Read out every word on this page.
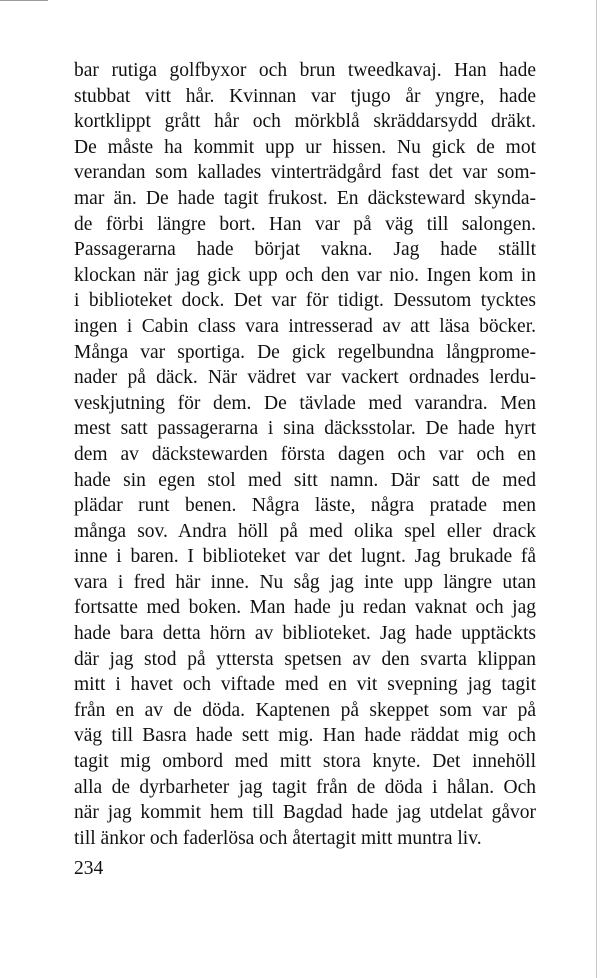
bar rutiga golfbyxor och brun tweedkavaj. Han hade
stubbat vitt hår. Kvinnan var tjugo år yngre, hade
kortklippt grått hår och mörkblå skräddarsydd dräkt.
De måste ha kommit upp ur hissen. Nu gick de mot
verandan som kallades vinterträdgård fast det var som-
mar än. De hade tagit frukost. En däcksteward skynda-
de förbi längre bort. Han var på väg till salongen.
Passagerarna hade börjat vakna. Jag hade ställt
klockan när jag gick upp och den var nio. Ingen kom in
i biblioteket dock. Det var för tidigt. Dessutom tycktes
ingen i Cabin class vara intresserad av att läsa böcker.
Många var sportiga. De gick regelbundna långprome-
nader på däck. När vädret var vackert ordnades lerdu-
veskjutning för dem. De tävlade med varandra. Men
mest satt passagerarna i sina däcksstolar. De hade hyrt
dem av däckstewarden första dagen och var och en
hade sin egen stol med sitt namn. Där satt de med
plädar runt benen. Några läste, några pratade men
många sov. Andra höll på med olika spel eller drack
inne i baren. I biblioteket var det lugnt. Jag brukade få
vara i fred här inne. Nu såg jag inte upp längre utan
fortsatte med boken. Man hade ju redan vaknat och jag
hade bara detta hörn av biblioteket. Jag hade upptäckts
där jag stod på yttersta spetsen av den svarta klippan
mitt i havet och viftade med en vit svepning jag tagit
från en av de döda. Kaptenen på skeppet som var på
väg till Basra hade sett mig. Han hade räddat mig och
tagit mig ombord med mitt stora knyte. Det innehöll
alla de dyrbarheter jag tagit från de döda i hålan. Och
när jag kommit hem till Bagdad hade jag utdelat gåvor
till änkor och faderlösa och återtagit mitt muntra liv.
234
